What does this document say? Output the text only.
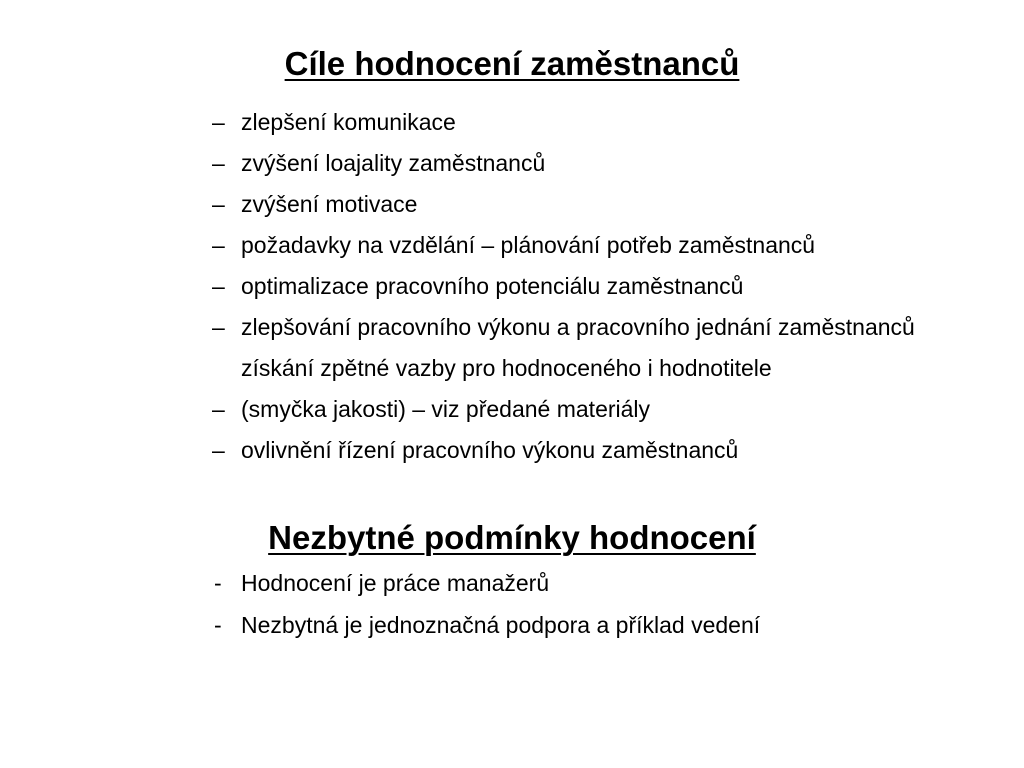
Cíle hodnocení zaměstnanců
– zlepšení komunikace
– zvýšení loajality zaměstnanců
– zvýšení motivace
– požadavky na vzdělání – plánování potřeb zaměstnanců
– optimalizace pracovního potenciálu zaměstnanců
– zlepšování pracovního výkonu a pracovního jednání zaměstnanců
získání zpětné vazby pro hodnoceného i hodnotitele
– (smyčka jakosti) – viz předané materiály
– ovlivnění řízení pracovního výkonu zaměstnanců
Nezbytné podmínky hodnocení
- Hodnocení je práce manažerů
- Nezbytná je jednoznačná podpora a příklad vedení
